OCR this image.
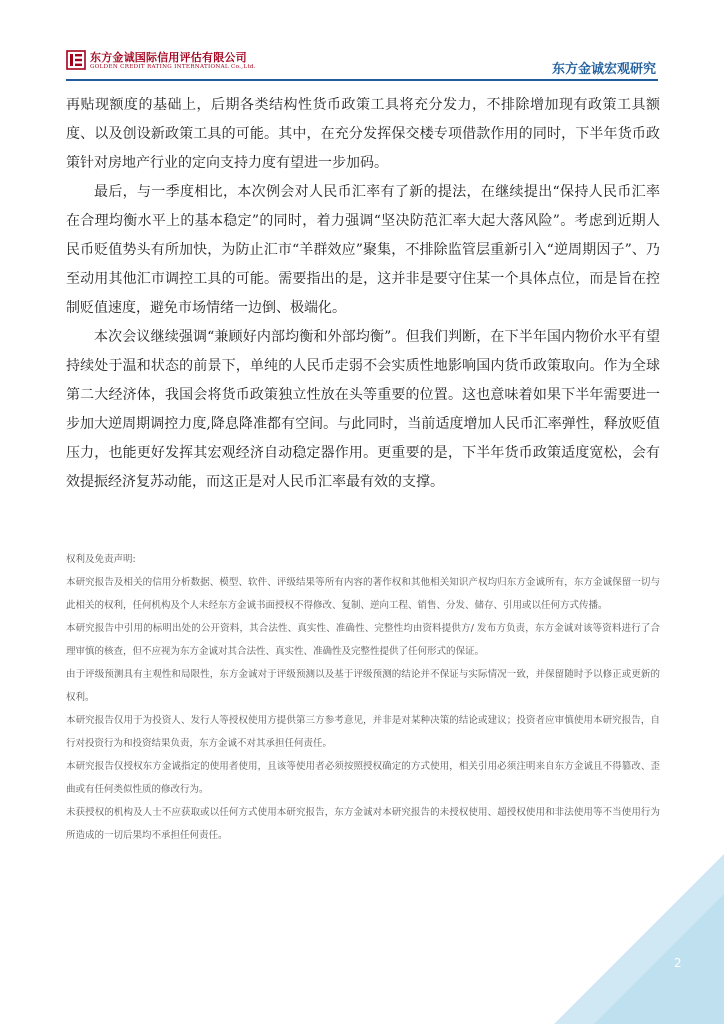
东方金诚国际信用评估有限公司
GOLDEN CREDIT RATING INTERNATIONAL Co.,Ltd.	东方金诚宏观研究

再贴现额度的基础上，后期各类结构性货币政策工具将充分发力，不排除增加现有政策工具额度、以及创设新政策工具的可能。其中，在充分发挥保交楼专项借款作用的同时，下半年货币政策针对房地产行业的定向支持力度有望进一步加码。

最后，与一季度相比，本次例会对人民币汇率有了新的提法，在继续提出“保持人民币汇率在合理均衡水平上的基本稳定”的同时，着力强调“坚决防范汇率大起大落风险”。考虑到近期人民币贬值势头有所加快，为防止汇市“羊群效应”聚集，不排除监管层重新引入“逆周期因子”、乃至动用其他汇市调控工具的可能。需要指出的是，这并非是要守住某一个具体点位，而是旨在控制贬值速度，避免市场情绪一边倒、极端化。

本次会议继续强调“兼顾好内部均衡和外部均衡”。但我们判断，在下半年国内物价水平有望持续处于温和状态的前景下，单纯的人民币走弱不会实质性地影响国内货币政策取向。作为全球第二大经济体，我国会将货币政策独立性放在头等重要的位置。这也意味着如果下半年需要进一步加大逆周期调控力度,降息降准都有空间。与此同时，当前适度增加人民币汇率弹性，释放贬值压力，也能更好发挥其宏观经济自动稳定器作用。更重要的是，下半年货币政策适度宽松，会有效提振经济复苏动能，而这正是对人民币汇率最有效的支撑。

权利及免责声明:

本研究报告及相关的信用分析数据、模型、软件、评级结果等所有内容的著作权和其他相关知识产权均归东方金诚所有，东方金诚保留一切与此相关的权利，任何机构及个人未经东方金诚书面授权不得修改、复制、逆向工程、销售、分发、储存、引用或以任何方式传播。

本研究报告中引用的标明出处的公开资料，其合法性、真实性、准确性、完整性均由资料提供方/ 发布方负责，东方金诚对该等资料进行了合理审慎的核查，但不应视为东方金诚对其合法性、真实性、准确性及完整性提供了任何形式的保证。

由于评级预测具有主观性和局限性，东方金诚对于评级预测以及基于评级预测的结论并不保证与实际情况一致，并保留随时予以修正或更新的权利。

本研究报告仅用于为投资人、发行人等授权使用方提供第三方参考意见，并非是对某种决策的结论或建议；投资者应审慎使用本研究报告，自行对投资行为和投资结果负责，东方金诚不对其承担任何责任。

本研究报告仅授权东方金诚指定的使用者使用，且该等使用者必须按照授权确定的方式使用，相关引用必须注明来自东方金诚且不得篡改、歪曲或有任何类似性质的修改行为。

未获授权的机构及人士不应获取或以任何方式使用本研究报告，东方金诚对本研究报告的未授权使用、超授权使用和非法使用等不当使用行为所造成的一切后果均不承担任何责任。

2
